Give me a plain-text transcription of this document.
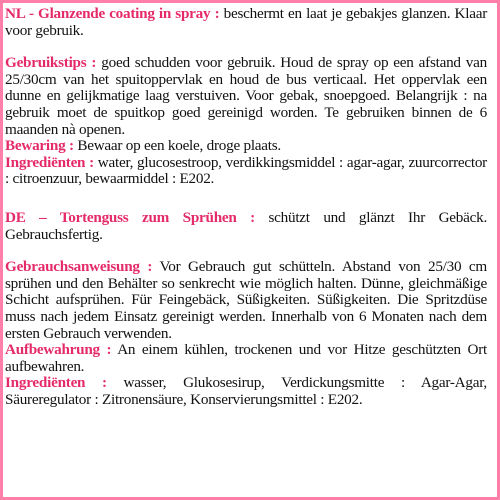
NL - Glanzende coating in spray : beschermt en laat je gebakjes glanzen. Klaar voor gebruik.

Gebruikstips : goed schudden voor gebruik. Houd de spray op een afstand van 25/30cm van het spuitoppervlak en houd de bus verticaal. Het oppervlak een dunne en gelijkmatige laag verstuiven. Voor gebak, snoepgoed. Belangrijk : na gebruik moet de spuitkop goed gereinigd worden. Te gebruiken binnen de 6 maanden nà openen.

Bewaring : Bewaar op een koele, droge plaats.

Ingrediënten : water, glucosestroop, verdikkingsmiddel : agar-agar, zuurcorrector : citroenzuur, bewaarmiddel : E202.

DE – Tortenguss zum Sprühen : schützt und glänzt Ihr Gebäck. Gebrauchsfertig.

Gebrauchsanweisung : Vor Gebrauch gut schütteln. Abstand von 25/30 cm sprühen und den Behälter so senkrecht wie möglich halten. Dünne, gleichmäßige Schicht aufsprühen. Für Feingebäck, Süßigkeiten. Süßigkeiten. Die Spritzdüse muss nach jedem Einsatz gereinigt werden. Innerhalb von 6 Monaten nach dem ersten Gebrauch verwenden.

Aufbewahrung : An einem kühlen, trockenen und vor Hitze geschützten Ort aufbewahren.

Ingrediënten : wasser, Glukosesirup, Verdickungsmitte : Agar-Agar, Säureregulator : Zitronensäure, Konservierungsmittel : E202.
